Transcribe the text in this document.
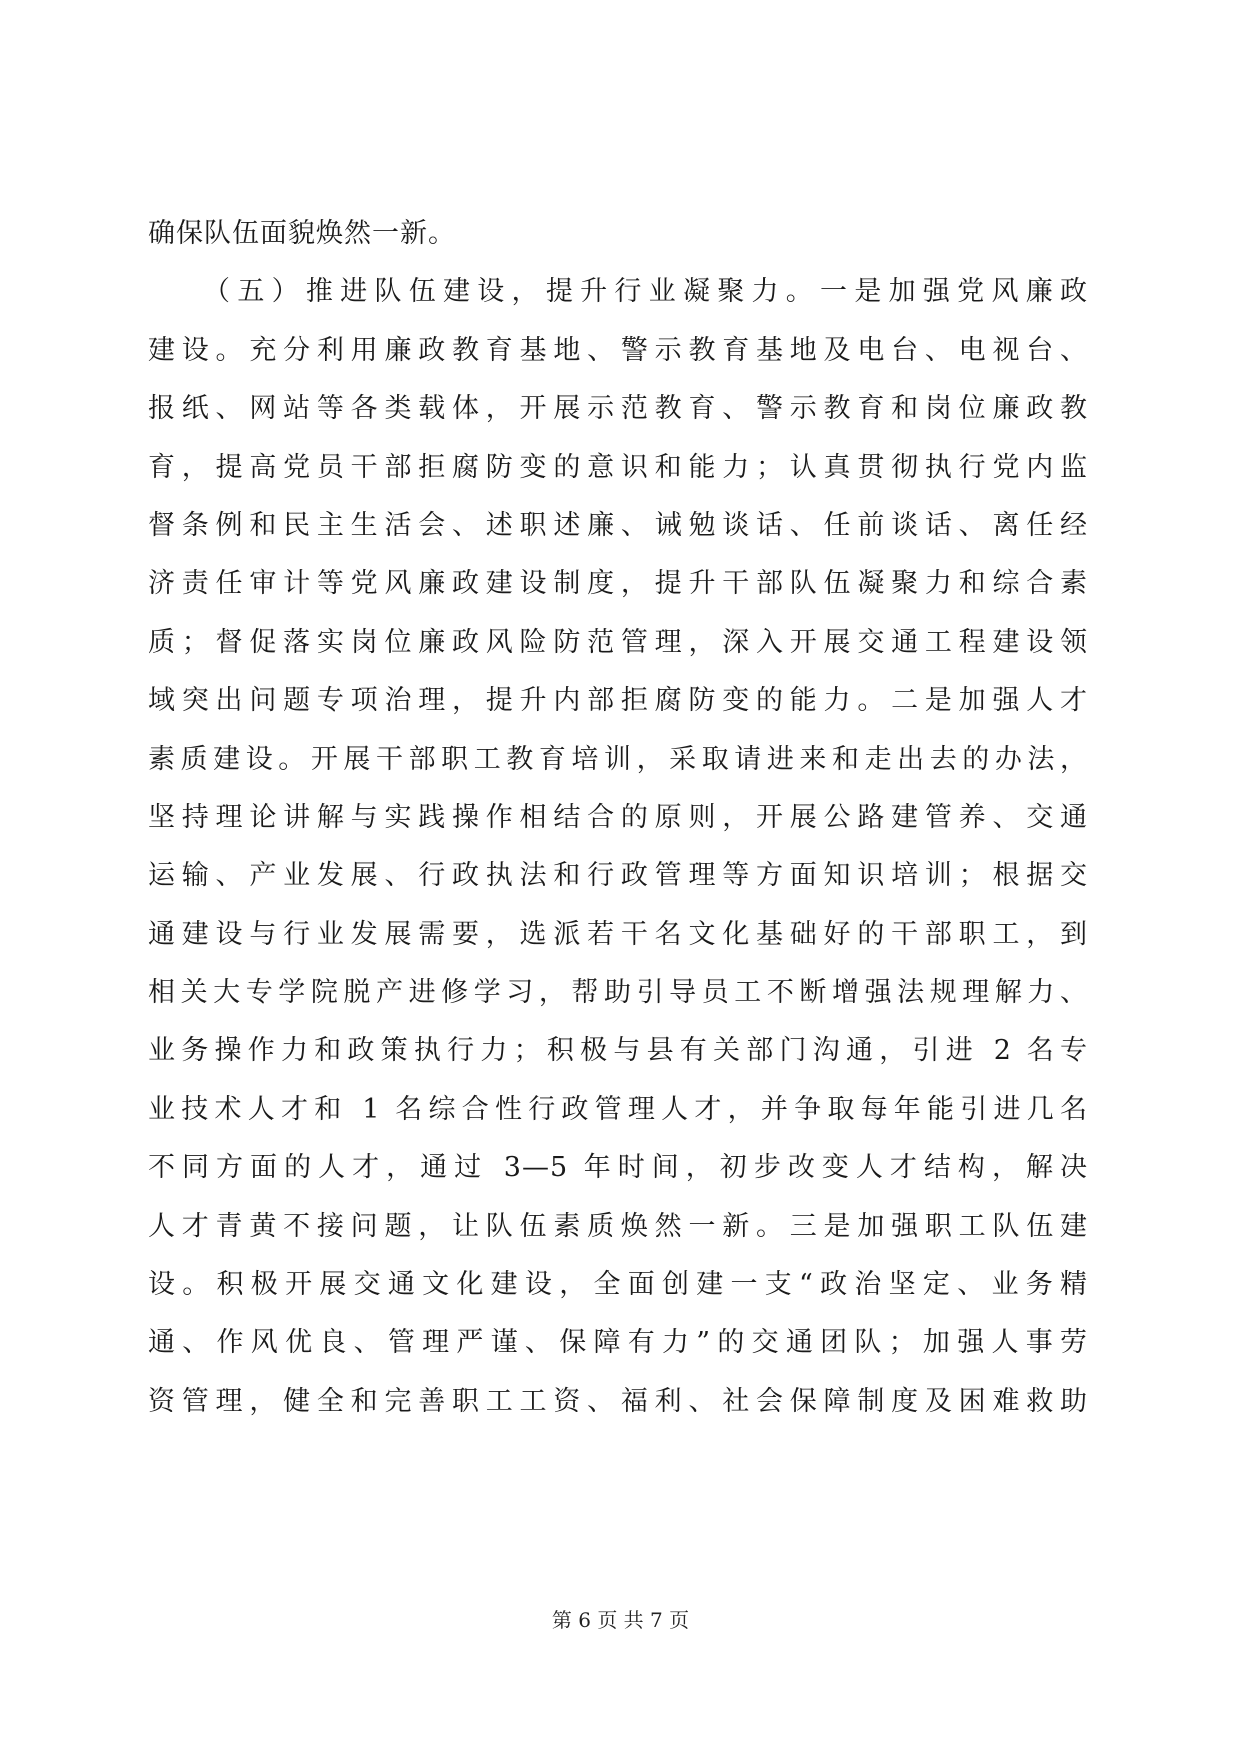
确保队伍面貌焕然一新。
　　（五）推进队伍建设，提升行业凝聚力。一是加强党风廉政
建设。充分利用廉政教育基地、警示教育基地及电台、电视台、
报纸、网站等各类载体，开展示范教育、警示教育和岗位廉政教
育，提高党员干部拒腐防变的意识和能力；认真贯彻执行党内监
督条例和民主生活会、述职述廉、诫勉谈话、任前谈话、离任经
济责任审计等党风廉政建设制度，提升干部队伍凝聚力和综合素
质；督促落实岗位廉政风险防范管理，深入开展交通工程建设领
域突出问题专项治理，提升内部拒腐防变的能力。二是加强人才
素质建设。开展干部职工教育培训，采取请进来和走出去的办法，
坚持理论讲解与实践操作相结合的原则，开展公路建管养、交通
运输、产业发展、行政执法和行政管理等方面知识培训；根据交
通建设与行业发展需要，选派若干名文化基础好的干部职工，到
相关大专学院脱产进修学习，帮助引导员工不断增强法规理解力、
业务操作力和政策执行力；积极与县有关部门沟通，引进 2 名专
业技术人才和 1 名综合性行政管理人才，并争取每年能引进几名
不同方面的人才，通过 3—5 年时间，初步改变人才结构，解决
人才青黄不接问题，让队伍素质焕然一新。三是加强职工队伍建
设。积极开展交通文化建设，全面创建一支“政治坚定、业务精
通、作风优良、管理严谨、保障有力”的交通团队；加强人事劳
资管理，健全和完善职工工资、福利、社会保障制度及困难救助
第 6 页 共 7 页
